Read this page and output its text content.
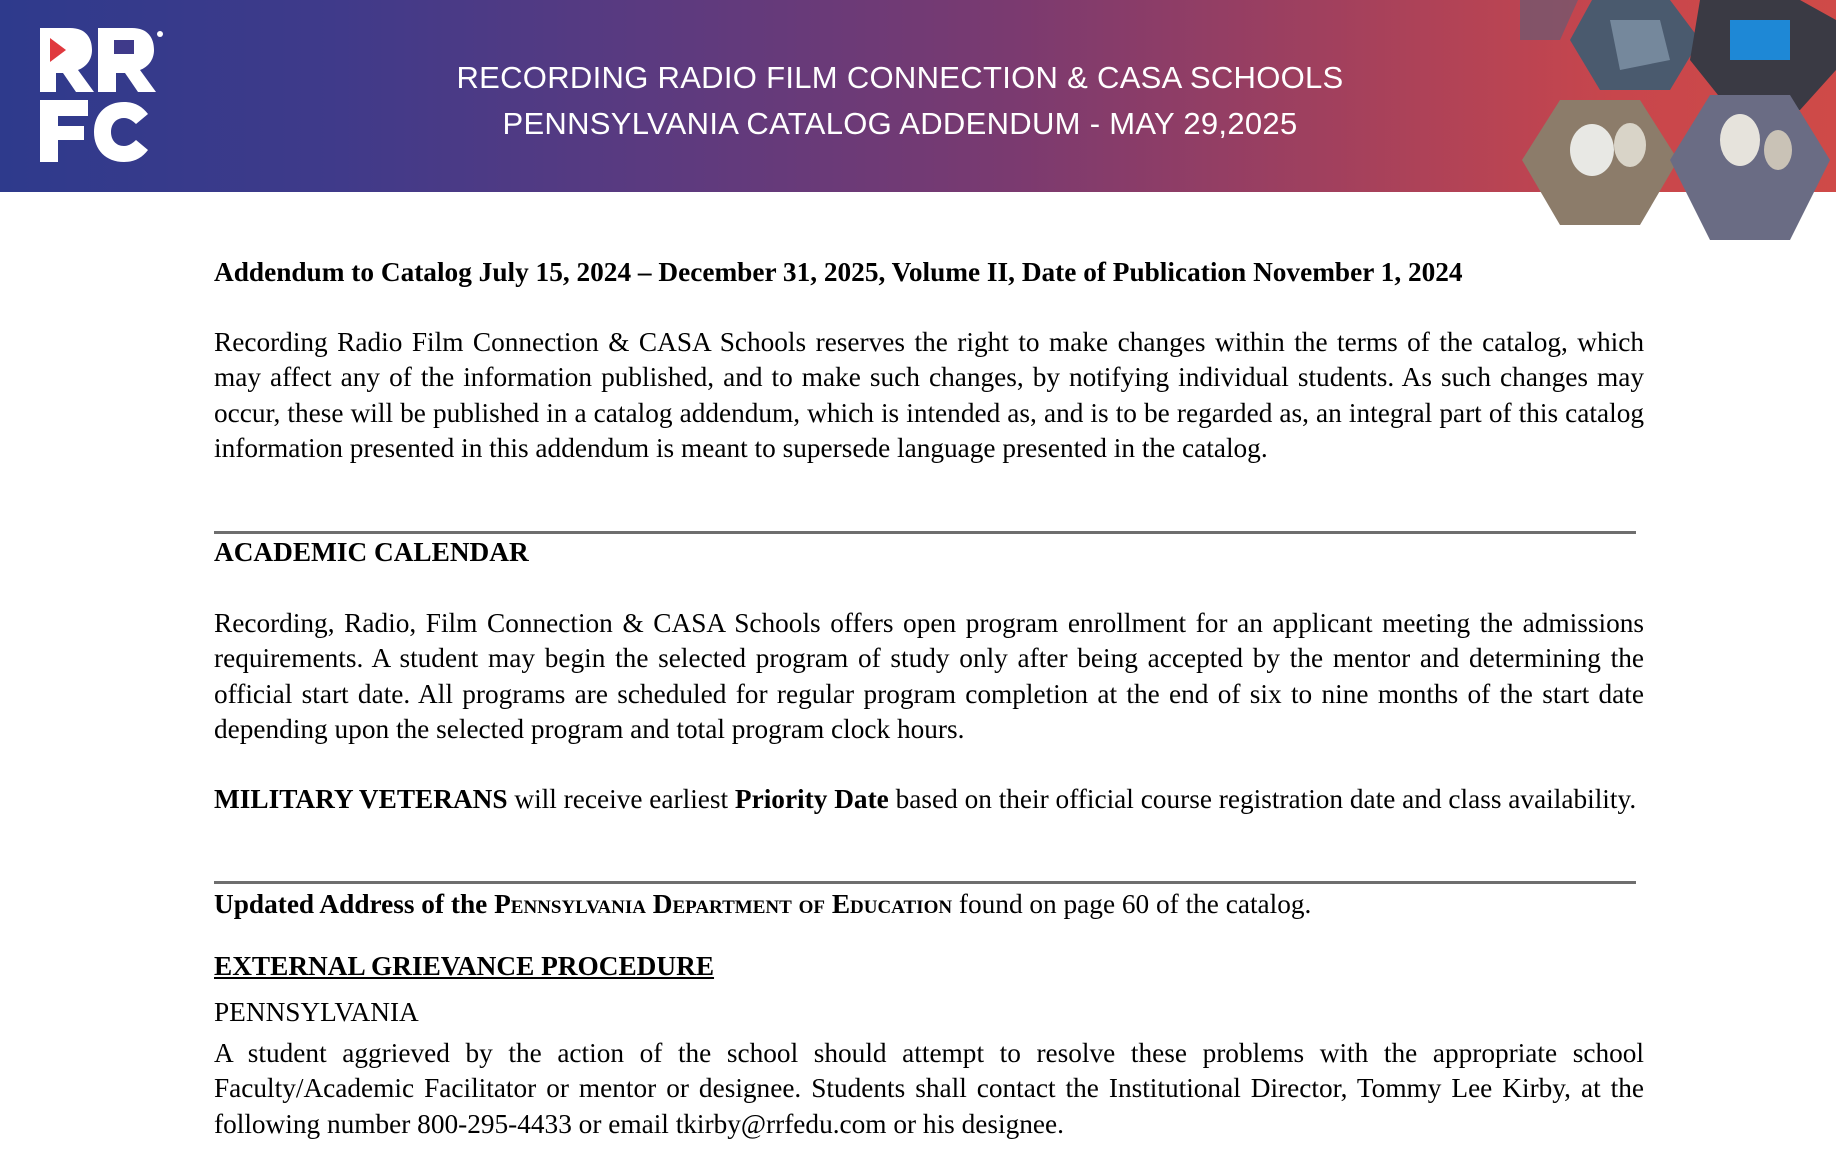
RECORDING RADIO FILM CONNECTION & CASA SCHOOLS
PENNSYLVANIA CATALOG ADDENDUM - MAY 29,2025

Addendum to Catalog July 15, 2024 – December 31, 2025, Volume II, Date of Publication November 1, 2024

Recording Radio Film Connection & CASA Schools reserves the right to make changes within the terms of the catalog, which may affect any of the information published, and to make such changes, by notifying individual students. As such changes may occur, these will be published in a catalog addendum, which is intended as, and is to be regarded as, an integral part of this catalog information presented in this addendum is meant to supersede language presented in the catalog.

ACADEMIC CALENDAR

Recording, Radio, Film Connection & CASA Schools offers open program enrollment for an applicant meeting the admissions requirements. A student may begin the selected program of study only after being accepted by the mentor and determining the official start date. All programs are scheduled for regular program completion at the end of six to nine months of the start date depending upon the selected program and total program clock hours.

MILITARY VETERANS will receive earliest Priority Date based on their official course registration date and class availability.

Updated Address of the Pennsylvania Department of Education found on page 60 of the catalog.

EXTERNAL GRIEVANCE PROCEDURE

PENNSYLVANIA

A student aggrieved by the action of the school should attempt to resolve these problems with the appropriate school Faculty/Academic Facilitator or mentor or designee. Students shall contact the Institutional Director, Tommy Lee Kirby, at the following number 800-295-4433 or email tkirby@rrfedu.com or his designee.
